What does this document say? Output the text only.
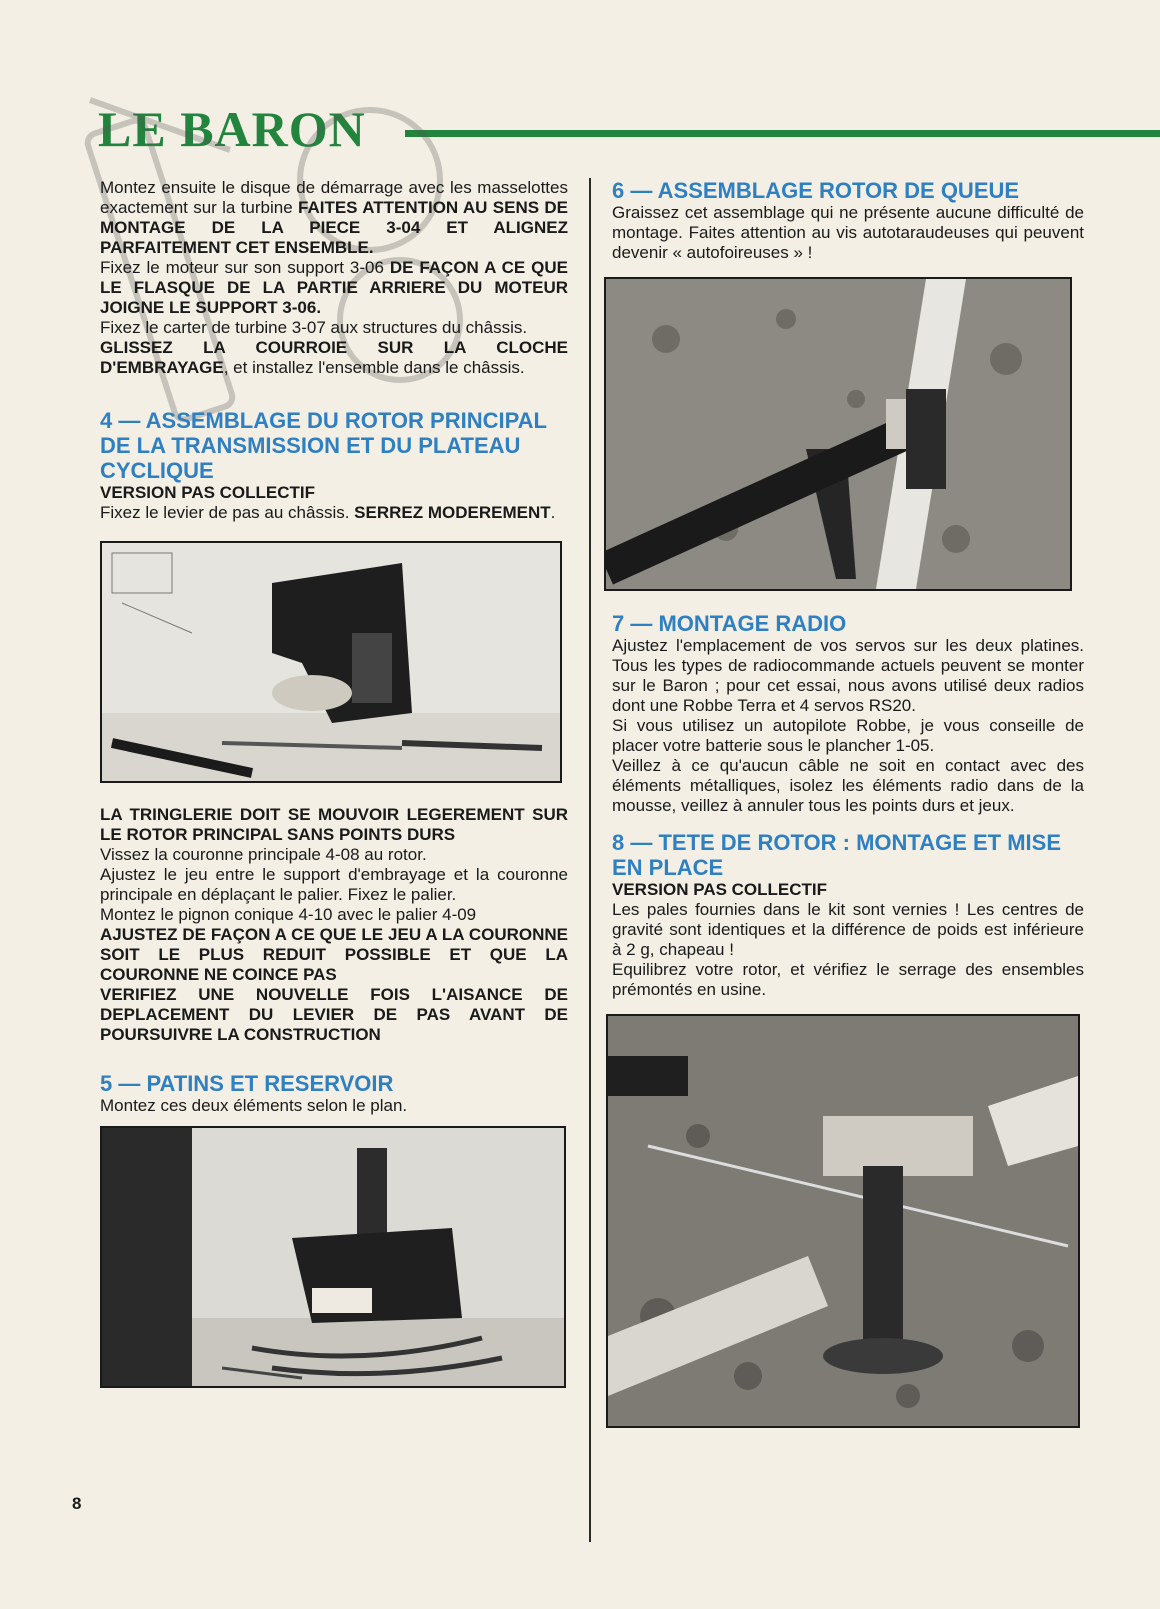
LE BARON

Montez ensuite le disque de démarrage avec les masselottes exactement sur la turbine FAITES ATTENTION AU SENS DE MONTAGE DE LA PIECE 3-04 ET ALIGNEZ PARFAITEMENT CET ENSEMBLE.

Fixez le moteur sur son support 3-06 DE FAÇON A CE QUE LE FLASQUE DE LA PARTIE ARRIERE DU MOTEUR JOIGNE LE SUPPORT 3-06.

Fixez le carter de turbine 3-07 aux structures du châssis.

GLISSEZ LA COURROIE SUR LA CLOCHE D'EMBRAYAGE, et installez l'ensemble dans le châssis.

4 — ASSEMBLAGE DU ROTOR PRINCIPAL DE LA TRANSMISSION ET DU PLATEAU CYCLIQUE
VERSION PAS COLLECTIF

Fixez le levier de pas au châssis. SERREZ MODEREMENT.

LA TRINGLERIE DOIT SE MOUVOIR LEGEREMENT SUR LE ROTOR PRINCIPAL SANS POINTS DURS

Vissez la couronne principale 4-08 au rotor.

Ajustez le jeu entre le support d'embrayage et la couronne principale en déplaçant le palier. Fixez le palier.

Montez le pignon conique 4-10 avec le palier 4-09

AJUSTEZ DE FAÇON A CE QUE LE JEU A LA COURONNE SOIT LE PLUS REDUIT POSSIBLE ET QUE LA COURONNE NE COINCE PAS

VERIFIEZ UNE NOUVELLE FOIS L'AISANCE DE DEPLACEMENT DU LEVIER DE PAS AVANT DE POURSUIVRE LA CONSTRUCTION

5 — PATINS ET RESERVOIR

Montez ces deux éléments selon le plan.

6 — ASSEMBLAGE ROTOR DE QUEUE

Graissez cet assemblage qui ne présente aucune difficulté de montage. Faites attention au vis autotaraudeuses qui peuvent devenir « autofoireuses » !

7 — MONTAGE RADIO

Ajustez l'emplacement de vos servos sur les deux platines. Tous les types de radiocommande actuels peuvent se monter sur le Baron ; pour cet essai, nous avons utilisé deux radios dont une Robbe Terra et 4 servos RS20.

Si vous utilisez un autopilote Robbe, je vous conseille de placer votre batterie sous le plancher 1-05.

Veillez à ce qu'aucun câble ne soit en contact avec des éléments métalliques, isolez les éléments radio dans de la mousse, veillez à annuler tous les points durs et jeux.

8 — TETE DE ROTOR : MONTAGE ET MISE EN PLACE
VERSION PAS COLLECTIF

Les pales fournies dans le kit sont vernies ! Les centres de gravité sont identiques et la différence de poids est inférieure à 2 g, chapeau !

Equilibrez votre rotor, et vérifiez le serrage des ensembles prémontés en usine.

8
